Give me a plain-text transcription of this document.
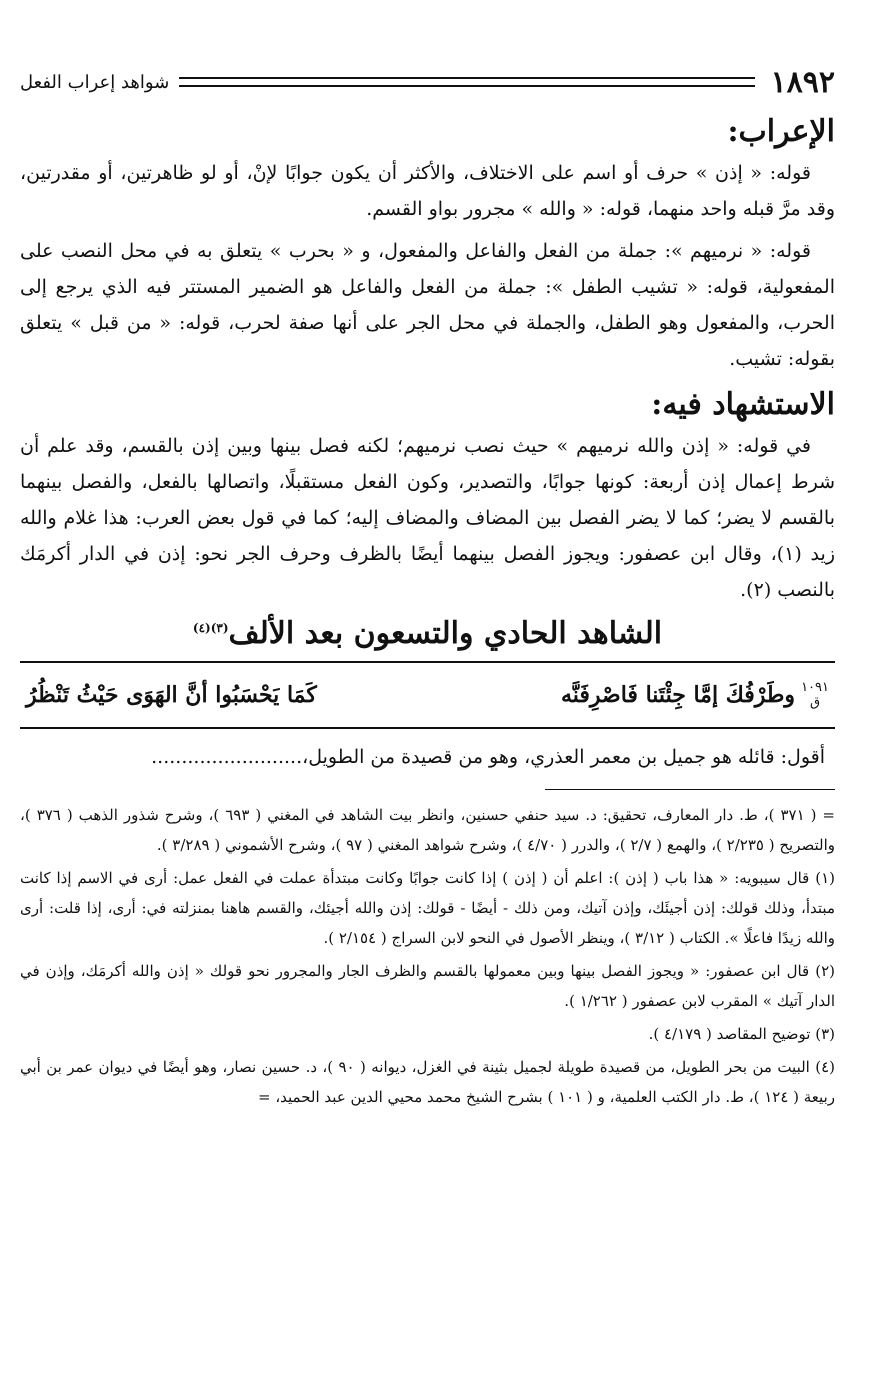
١٨٩٢
شواهد إعراب الفعل
الإعراب:

قوله: « إذن » حرف أو اسم على الاختلاف، والأكثر أن يكون جوابًا لإنْ، أو لو ظاهرتين، أو مقدرتين، وقد مرَّ قبله واحد منهما، قوله: « والله » مجرور بواو القسم.

قوله: « نرميهم »: جملة من الفعل والفاعل والمفعول، و « بحرب » يتعلق به في محل النصب على المفعولية، قوله: « تشيب الطفل »: جملة من الفعل والفاعل هو الضمير المستتر فيه الذي يرجع إلى الحرب، والمفعول وهو الطفل، والجملة في محل الجر على أنها صفة لحرب، قوله: « من قبل » يتعلق بقوله: تشيب.

الاستشهاد فيه:

في قوله: « إذن والله نرميهم » حيث نصب نرميهم؛ لكنه فصل بينها وبين إذن بالقسم، وقد علم أن شرط إعمال إذن أربعة: كونها جوابًا، والتصدير، وكون الفعل مستقبلًا، واتصالها بالفعل، والفصل بينهما بالقسم لا يضر؛ كما لا يضر الفصل بين المضاف والمضاف إليه؛ كما في قول بعض العرب: هذا غلام والله زيد (١)، وقال ابن عصفور: ويجوز الفصل بينهما أيضًا بالظرف وحرف الجر نحو: إذن في الدار أكرمَك بالنصب (٢).

الشاهد الحادي والتسعون بعد الألف$^{(٣)(٤)}$
١٠٩١
ق
وطَرْفُكَ إمَّا جِئْتَنا فَاصْرِفَنَّه
كَمَا يَحْسَبُوا أنَّ الهَوَى حَيْثُ تَنْظُرُ

أقول: قائله هو جميل بن معمر العذري، وهو من قصيدة من الطويل،.........................

= ( ٣٧١ )، ط. دار المعارف، تحقيق: د. سيد حنفي حسنين، وانظر بيت الشاهد في المغني ( ٦٩٣ )، وشرح شذور الذهب ( ٣٧٦ )، والتصريح ( ٢/٢٣٥ )، والهمع ( ٢/٧ )، والدرر ( ٤/٧٠ )، وشرح شواهد المغني ( ٩٧ )، وشرح الأشموني ( ٣/٢٨٩ ).

(١) قال سيبويه: « هذا باب ( إذن ): اعلم أن ( إذن ) إذا كانت جوابًا وكانت مبتدأة عملت في الفعل عمل: أرى في الاسم إذا كانت مبتدأ، وذلك قولك: إذن أجيئَك، وإذن آتيك، ومن ذلك - أيضًا - قولك: إذن والله أجيئك، والقسم هاهنا بمنزلته في: أرى، إذا قلت: أرى والله زيدًا فاعلًا ». الكتاب ( ٣/١٢ )، وينظر الأصول في النحو لابن السراج ( ٢/١٥٤ ).

(٢) قال ابن عصفور: « ويجوز الفصل بينها وبين معمولها بالقسم والظرف الجار والمجرور نحو قولك « إذن والله أكرمَك، وإذن في الدار آتيك » المقرب لابن عصفور ( ١/٢٦٢ ).

(٣) توضيح المقاصد ( ٤/١٧٩ ).

(٤) البيت من بحر الطويل، من قصيدة طويلة لجميل بثينة في الغزل، ديوانه ( ٩٠ )، د. حسين نصار، وهو أيضًا في ديوان عمر بن أبي ربيعة ( ١٢٤ )، ط. دار الكتب العلمية، و ( ١٠١ ) بشرح الشيخ محمد محيي الدين عبد الحميد، =
